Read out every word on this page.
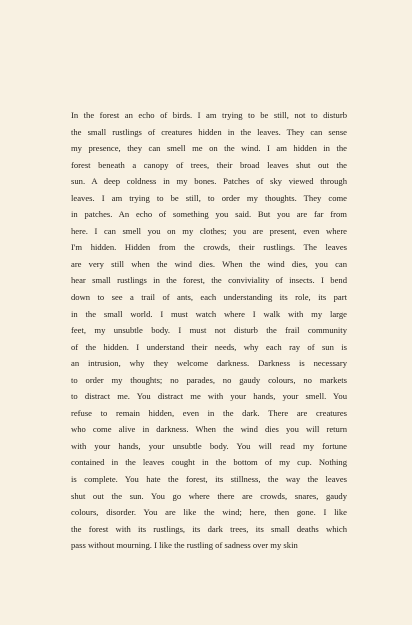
In the forest an echo of birds. I am trying to be still, not to disturb
the small rustlings of creatures hidden in the leaves. They can sense
my presence, they can smell me on the wind. I am hidden in the
forest beneath a canopy of trees, their broad leaves shut out the
sun. A deep coldness in my bones. Patches of sky viewed through
leaves. I am trying to be still, to order my thoughts. They come
in patches. An echo of something you said. But you are far from
here. I can smell you on my clothes; you are present, even where
I'm hidden. Hidden from the crowds, their rustlings. The leaves
are very still when the wind dies. When the wind dies, you can
hear small rustlings in the forest, the conviviality of insects. I bend
down to see a trail of ants, each understanding its role, its part
in the small world. I must watch where I walk with my large
feet, my unsubtle body. I must not disturb the frail community
of the hidden. I understand their needs, why each ray of sun is
an intrusion, why they welcome darkness. Darkness is necessary
to order my thoughts; no parades, no gaudy colours, no markets
to distract me. You distract me with your hands, your smell. You
refuse to remain hidden, even in the dark. There are creatures
who come alive in darkness. When the wind dies you will return
with your hands, your unsubtle body. You will read my fortune
contained in the leaves cought in the bottom of my cup. Nothing
is complete. You hate the forest, its stillness, the way the leaves
shut out the sun. You go where there are crowds, snares, gaudy
colours, disorder. You are like the wind; here, then gone. I like
the forest with its rustlings, its dark trees, its small deaths which
pass without mourning. I like the rustling of sadness over my skin
